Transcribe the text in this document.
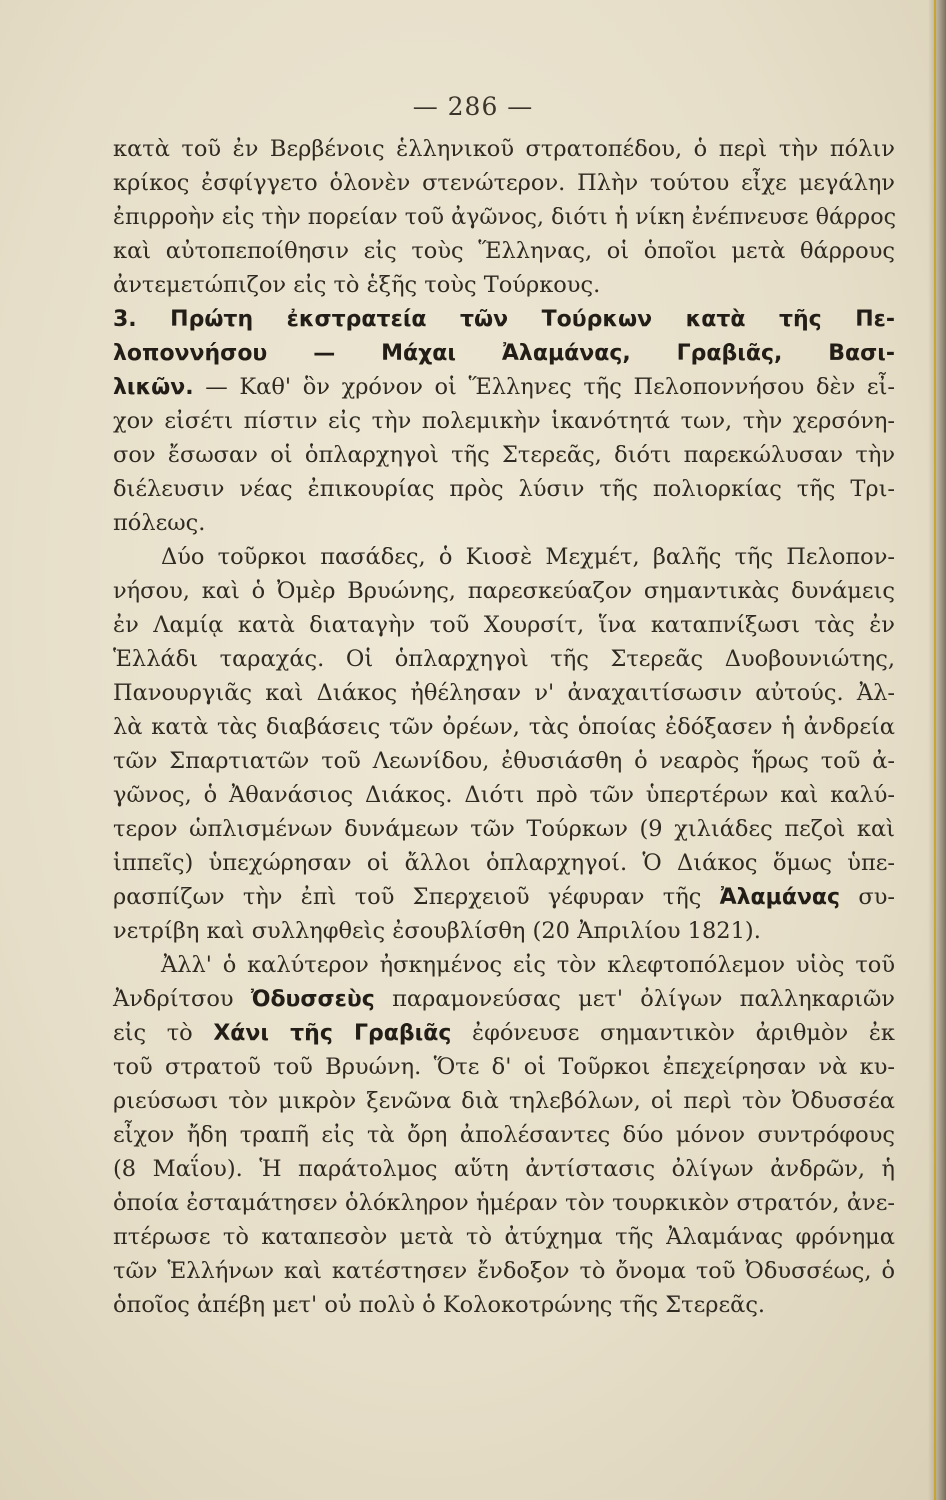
— 286 —
κατὰ τοῦ ἐν Βερβένοις ἑλληνικοῦ στρατοπέδου, ὁ περὶ τὴν πόλιν
κρίκος ἐσφίγγετο ὁλονὲν στενώτερον. Πλὴν τούτου εἶχε μεγάλην
ἐπιρροὴν εἰς τὴν πορείαν τοῦ ἀγῶνος, διότι ἡ νίκη ἐνέπνευσε θάρρος
καὶ αὐτοπεποίθησιν εἰς τοὺς Ἕλληνας, οἱ ὁποῖοι μετὰ θάρρους
ἀντεμετώπιζον εἰς τὸ ἑξῆς τοὺς Τούρκους.
3. Πρώτη ἐκστρατεία τῶν Τούρκων κατὰ τῆς Πε-
λοποννήσου — Μάχαι Ἀλαμάνας, Γραβιᾶς, Βασι-
λικῶν. — Καθ' ὃν χρόνον οἱ Ἕλληνες τῆς Πελοποννήσου δὲν εἶ-
χον εἰσέτι πίστιν εἰς τὴν πολεμικὴν ἱκανότητά των, τὴν χερσόνη-
σον ἔσωσαν οἱ ὁπλαρχηγοὶ τῆς Στερεᾶς, διότι παρεκώλυσαν τὴν
διέλευσιν νέας ἐπικουρίας πρὸς λύσιν τῆς πολιορκίας τῆς Τρι-
πόλεως.
Δύο τοῦρκοι πασάδες, ὁ Κιοσὲ Μεχμέτ, βαλῆς τῆς Πελοπον-
νήσου, καὶ ὁ Ὀμὲρ Βρυώνης, παρεσκεύαζον σημαντικὰς δυνάμεις
ἐν Λαμίᾳ κατὰ διαταγὴν τοῦ Χουρσίτ, ἵνα καταπνίξωσι τὰς ἐν
Ἑλλάδι ταραχάς. Οἱ ὁπλαρχηγοὶ τῆς Στερεᾶς Δυοβουνιώτης,
Πανουργιᾶς καὶ Διάκος ἠθέλησαν ν' ἀναχαιτίσωσιν αὐτούς. Ἀλ-
λὰ κατὰ τὰς διαβάσεις τῶν ὀρέων, τὰς ὁποίας ἐδόξασεν ἡ ἀνδρεία
τῶν Σπαρτιατῶν τοῦ Λεωνίδου, ἐθυσιάσθη ὁ νεαρὸς ἥρως τοῦ ἀ-
γῶνος, ὁ Ἀθανάσιος Διάκος. Διότι πρὸ τῶν ὑπερτέρων καὶ καλύ-
τερον ὡπλισμένων δυνάμεων τῶν Τούρκων (9 χιλιάδες πεζοὶ καὶ
ἱππεῖς) ὑπεχώρησαν οἱ ἄλλοι ὁπλαρχηγοί. Ὁ Διάκος ὅμως ὑπε-
ρασπίζων τὴν ἐπὶ τοῦ Σπερχειοῦ γέφυραν τῆς Ἀλαμάνας συ-
νετρίβη καὶ συλληφθεὶς ἐσουβλίσθη (20 Ἀπριλίου 1821).
Ἀλλ' ὁ καλύτερον ἠσκημένος εἰς τὸν κλεφτοπόλεμον υἱὸς τοῦ
Ἀνδρίτσου Ὀδυσσεὺς παραμονεύσας μετ' ὀλίγων παλληκαριῶν
εἰς τὸ Χάνι τῆς Γραβιᾶς ἐφόνευσε σημαντικὸν ἀριθμὸν ἐκ
τοῦ στρατοῦ τοῦ Βρυώνη. Ὅτε δ' οἱ Τοῦρκοι ἐπεχείρησαν νὰ κυ-
ριεύσωσι τὸν μικρὸν ξενῶνα διὰ τηλεβόλων, οἱ περὶ τὸν Ὀδυσσέα
εἶχον ἤδη τραπῆ εἰς τὰ ὄρη ἀπολέσαντες δύο μόνον συντρόφους
(8 Μαΐου). Ἡ παράτολμος αὕτη ἀντίστασις ὀλίγων ἀνδρῶν, ἡ
ὁποία ἐσταμάτησεν ὁλόκληρον ἡμέραν τὸν τουρκικὸν στρατόν, ἀνε-
πτέρωσε τὸ καταπεσὸν μετὰ τὸ ἀτύχημα τῆς Ἀλαμάνας φρόνημα
τῶν Ἑλλήνων καὶ κατέστησεν ἔνδοξον τὸ ὄνομα τοῦ Ὀδυσσέως, ὁ
ὁποῖος ἀπέβη μετ' οὐ πολὺ ὁ Κολοκοτρώνης τῆς Στερεᾶς.
